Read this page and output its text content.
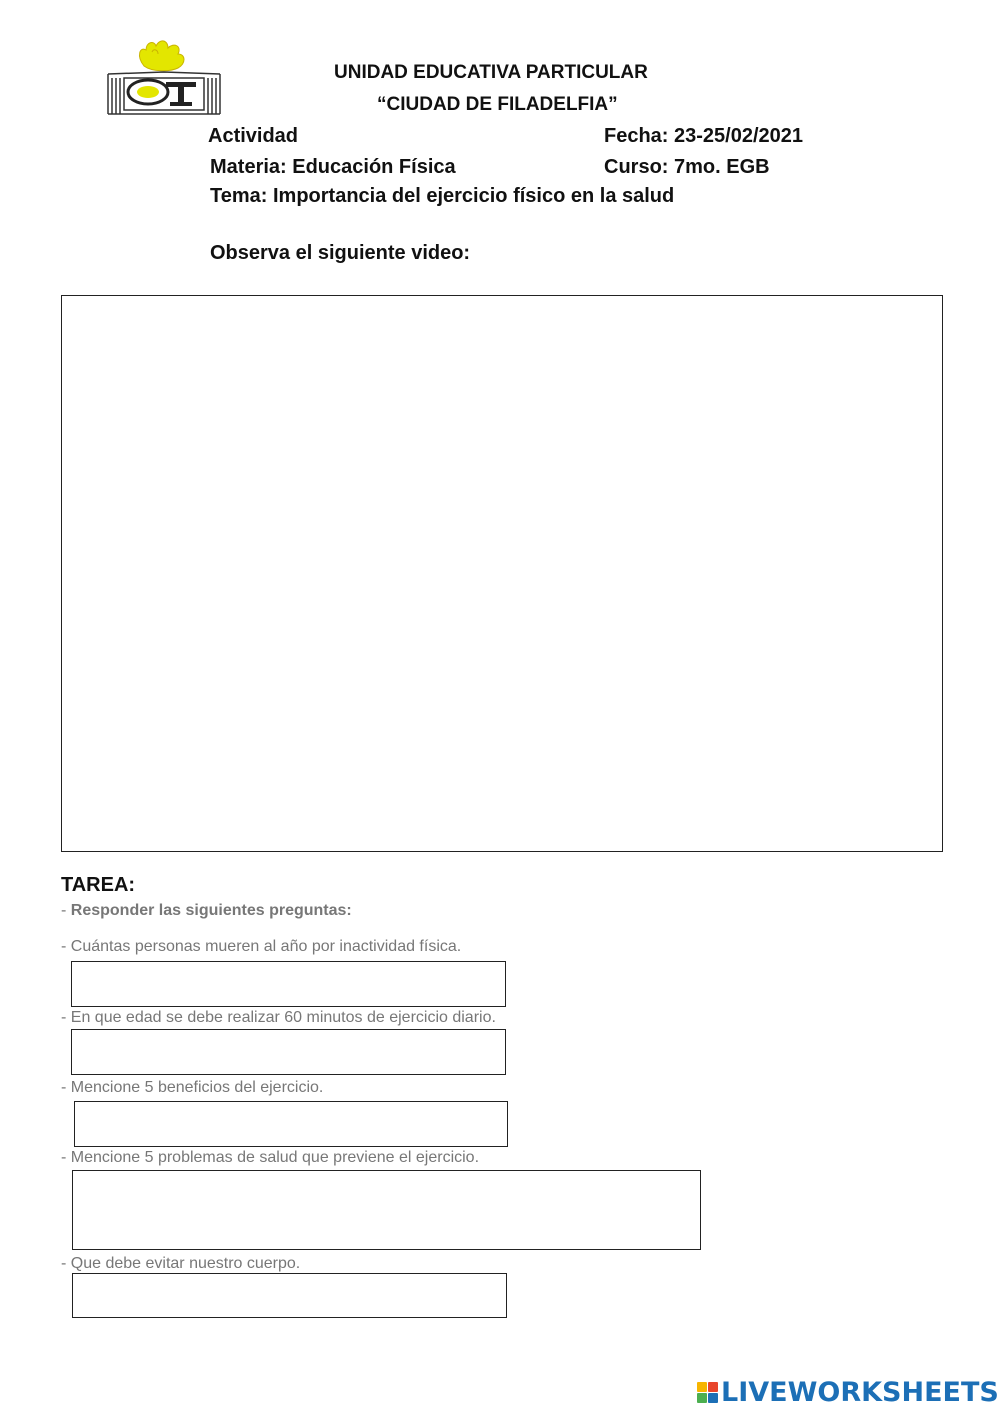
UNIDAD EDUCATIVA PARTICULAR
“CIUDAD DE FILADELFIA”
Actividad	Fecha: 23-25/02/2021
Materia: Educación Física	Curso: 7mo. EGB
Tema: Importancia del ejercicio físico en la salud
Observa el siguiente video:
TAREA:
- Responder las siguientes preguntas:
- Cuántas personas mueren al año por inactividad física.
- En que edad se debe realizar 60 minutos de ejercicio diario.
- Mencione 5 beneficios del ejercicio.
- Mencione 5 problemas de salud que previene el ejercicio.
- Que debe evitar nuestro cuerpo.
LIVEWORKSHEETS
